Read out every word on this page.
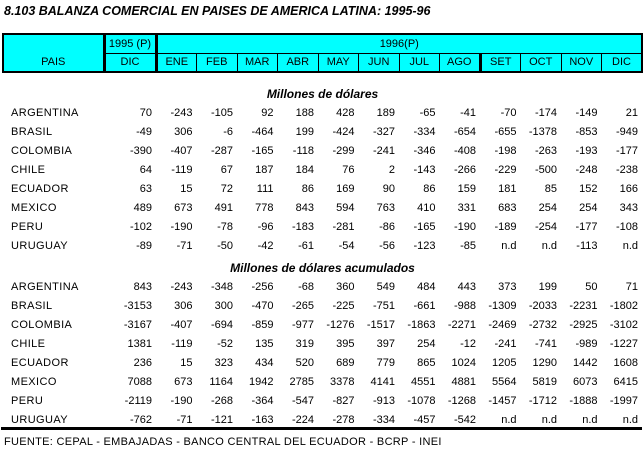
8.103 BALANZA COMERCIAL EN PAISES DE AMERICA LATINA: 1995-96
PAIS	1995 (P)	1996(P)											
	DIC	ENE	FEB	MAR	ABR	MAY	JUN	JUL	AGO	SET	OCT	NOV	DIC

Millones de dólares													
ARGENTINA	70	-243	-105	92	188	428	189	-65	-41	-70	-174	-149	21
BRASIL	-49	306	-6	-464	199	-424	-327	-334	-654	-655	-1378	-853	-949
COLOMBIA	-390	-407	-287	-165	-118	-299	-241	-346	-408	-198	-263	-193	-177
CHILE	64	-119	67	187	184	76	2	-143	-266	-229	-500	-248	-238
ECUADOR	63	15	72	111	86	169	90	86	159	181	85	152	166
MEXICO	489	673	491	778	843	594	763	410	331	683	254	254	343
PERU	-102	-190	-78	-96	-183	-281	-86	-165	-190	-189	-254	-177	-108
URUGUAY	-89	-71	-50	-42	-61	-54	-56	-123	-85	n.d	n.d	-113	n.d

Millones de dólares acumulados													
ARGENTINA	843	-243	-348	-256	-68	360	549	484	443	373	199	50	71
BRASIL	-3153	306	300	-470	-265	-225	-751	-661	-988	-1309	-2033	-2231	-1802
COLOMBIA	-3167	-407	-694	-859	-977	-1276	-1517	-1863	-2271	-2469	-2732	-2925	-3102
CHILE	1381	-119	-52	135	319	395	397	254	-12	-241	-741	-989	-1227
ECUADOR	236	15	323	434	520	689	779	865	1024	1205	1290	1442	1608
MEXICO	7088	673	1164	1942	2785	3378	4141	4551	4881	5564	5819	6073	6415
PERU	-2119	-190	-268	-364	-547	-827	-913	-1078	-1268	-1457	-1712	-1888	-1997
URUGUAY	-762	-71	-121	-163	-224	-278	-334	-457	-542	n.d	n.d	n.d	n.d
FUENTE: CEPAL - EMBAJADAS - BANCO CENTRAL DEL ECUADOR - BCRP - INEI
